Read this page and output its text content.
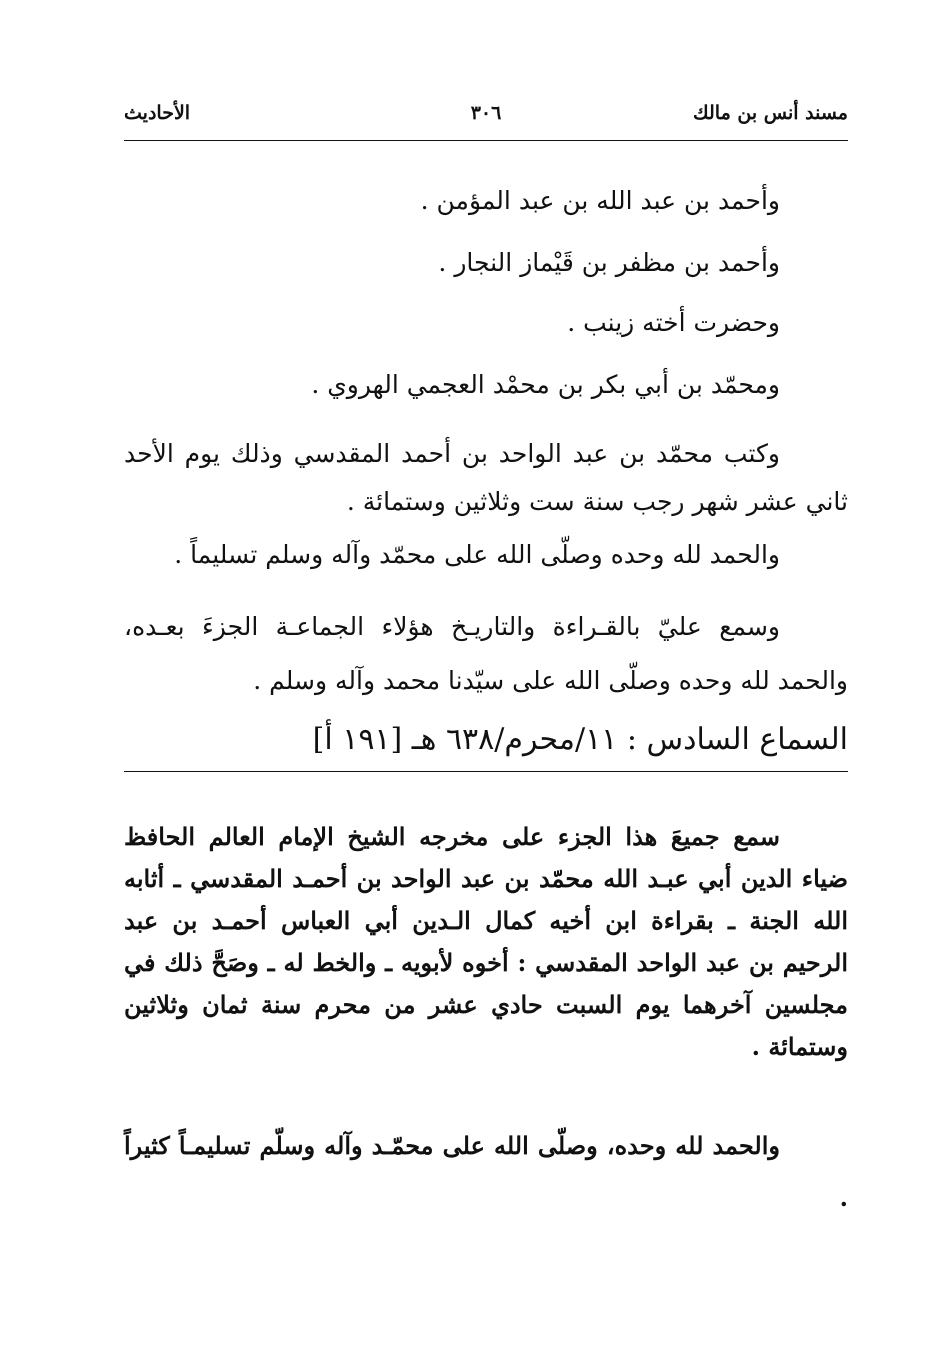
مسند أنس بن مالك
٣٠٦
الأحاديث
وأحمد بن عبد الله بن عبد المؤمن .
وأحمد بن مظفر بن قَيْماز النجار .
وحضرت أخته زينب .
ومحمّد بن أبي بكر بن محمْد العجمي الهروي .
وكتب محمّد بن عبد الواحد بن أحمد المقدسي وذلك يوم الأحد ثاني عشر شهر رجب سنة ست وثلاثين وستمائة .
والحمد لله وحده وصلّى الله على محمّد وآله وسلم تسليماً .
وسمع عليّ بالقـراءة والتاريـخ هؤلاء الجماعـة الجزءَ بعـده، والحمد لله وحده وصلّى الله على سيّدنا محمد وآله وسلم .
السماع السادس : ١١/محرم/٦٣٨ هـ [١٩١ أ]

سمع جميعَ هذا الجزء على مخرجه الشيخ الإمام العالم الحافظ ضياء الدين أبي عبـد الله محمّد بن عبد الواحد بن أحمـد المقدسي ـ أثابه الله الجنة ـ بقراءة ابن أخيه كمال الـدين أبي العباس أحمـد بن عبد الرحيم بن عبد الواحد المقدسي : أخوه لأبويه ـ والخط له ـ وصَحَّ ذلك في مجلسين آخرهما يوم السبت حادي عشر من محرم سنة ثمان وثلاثين وستمائة .

والحمد لله وحده، وصلّى الله على محمّـد وآله وسلّم تسليمـاً كثيراً .
